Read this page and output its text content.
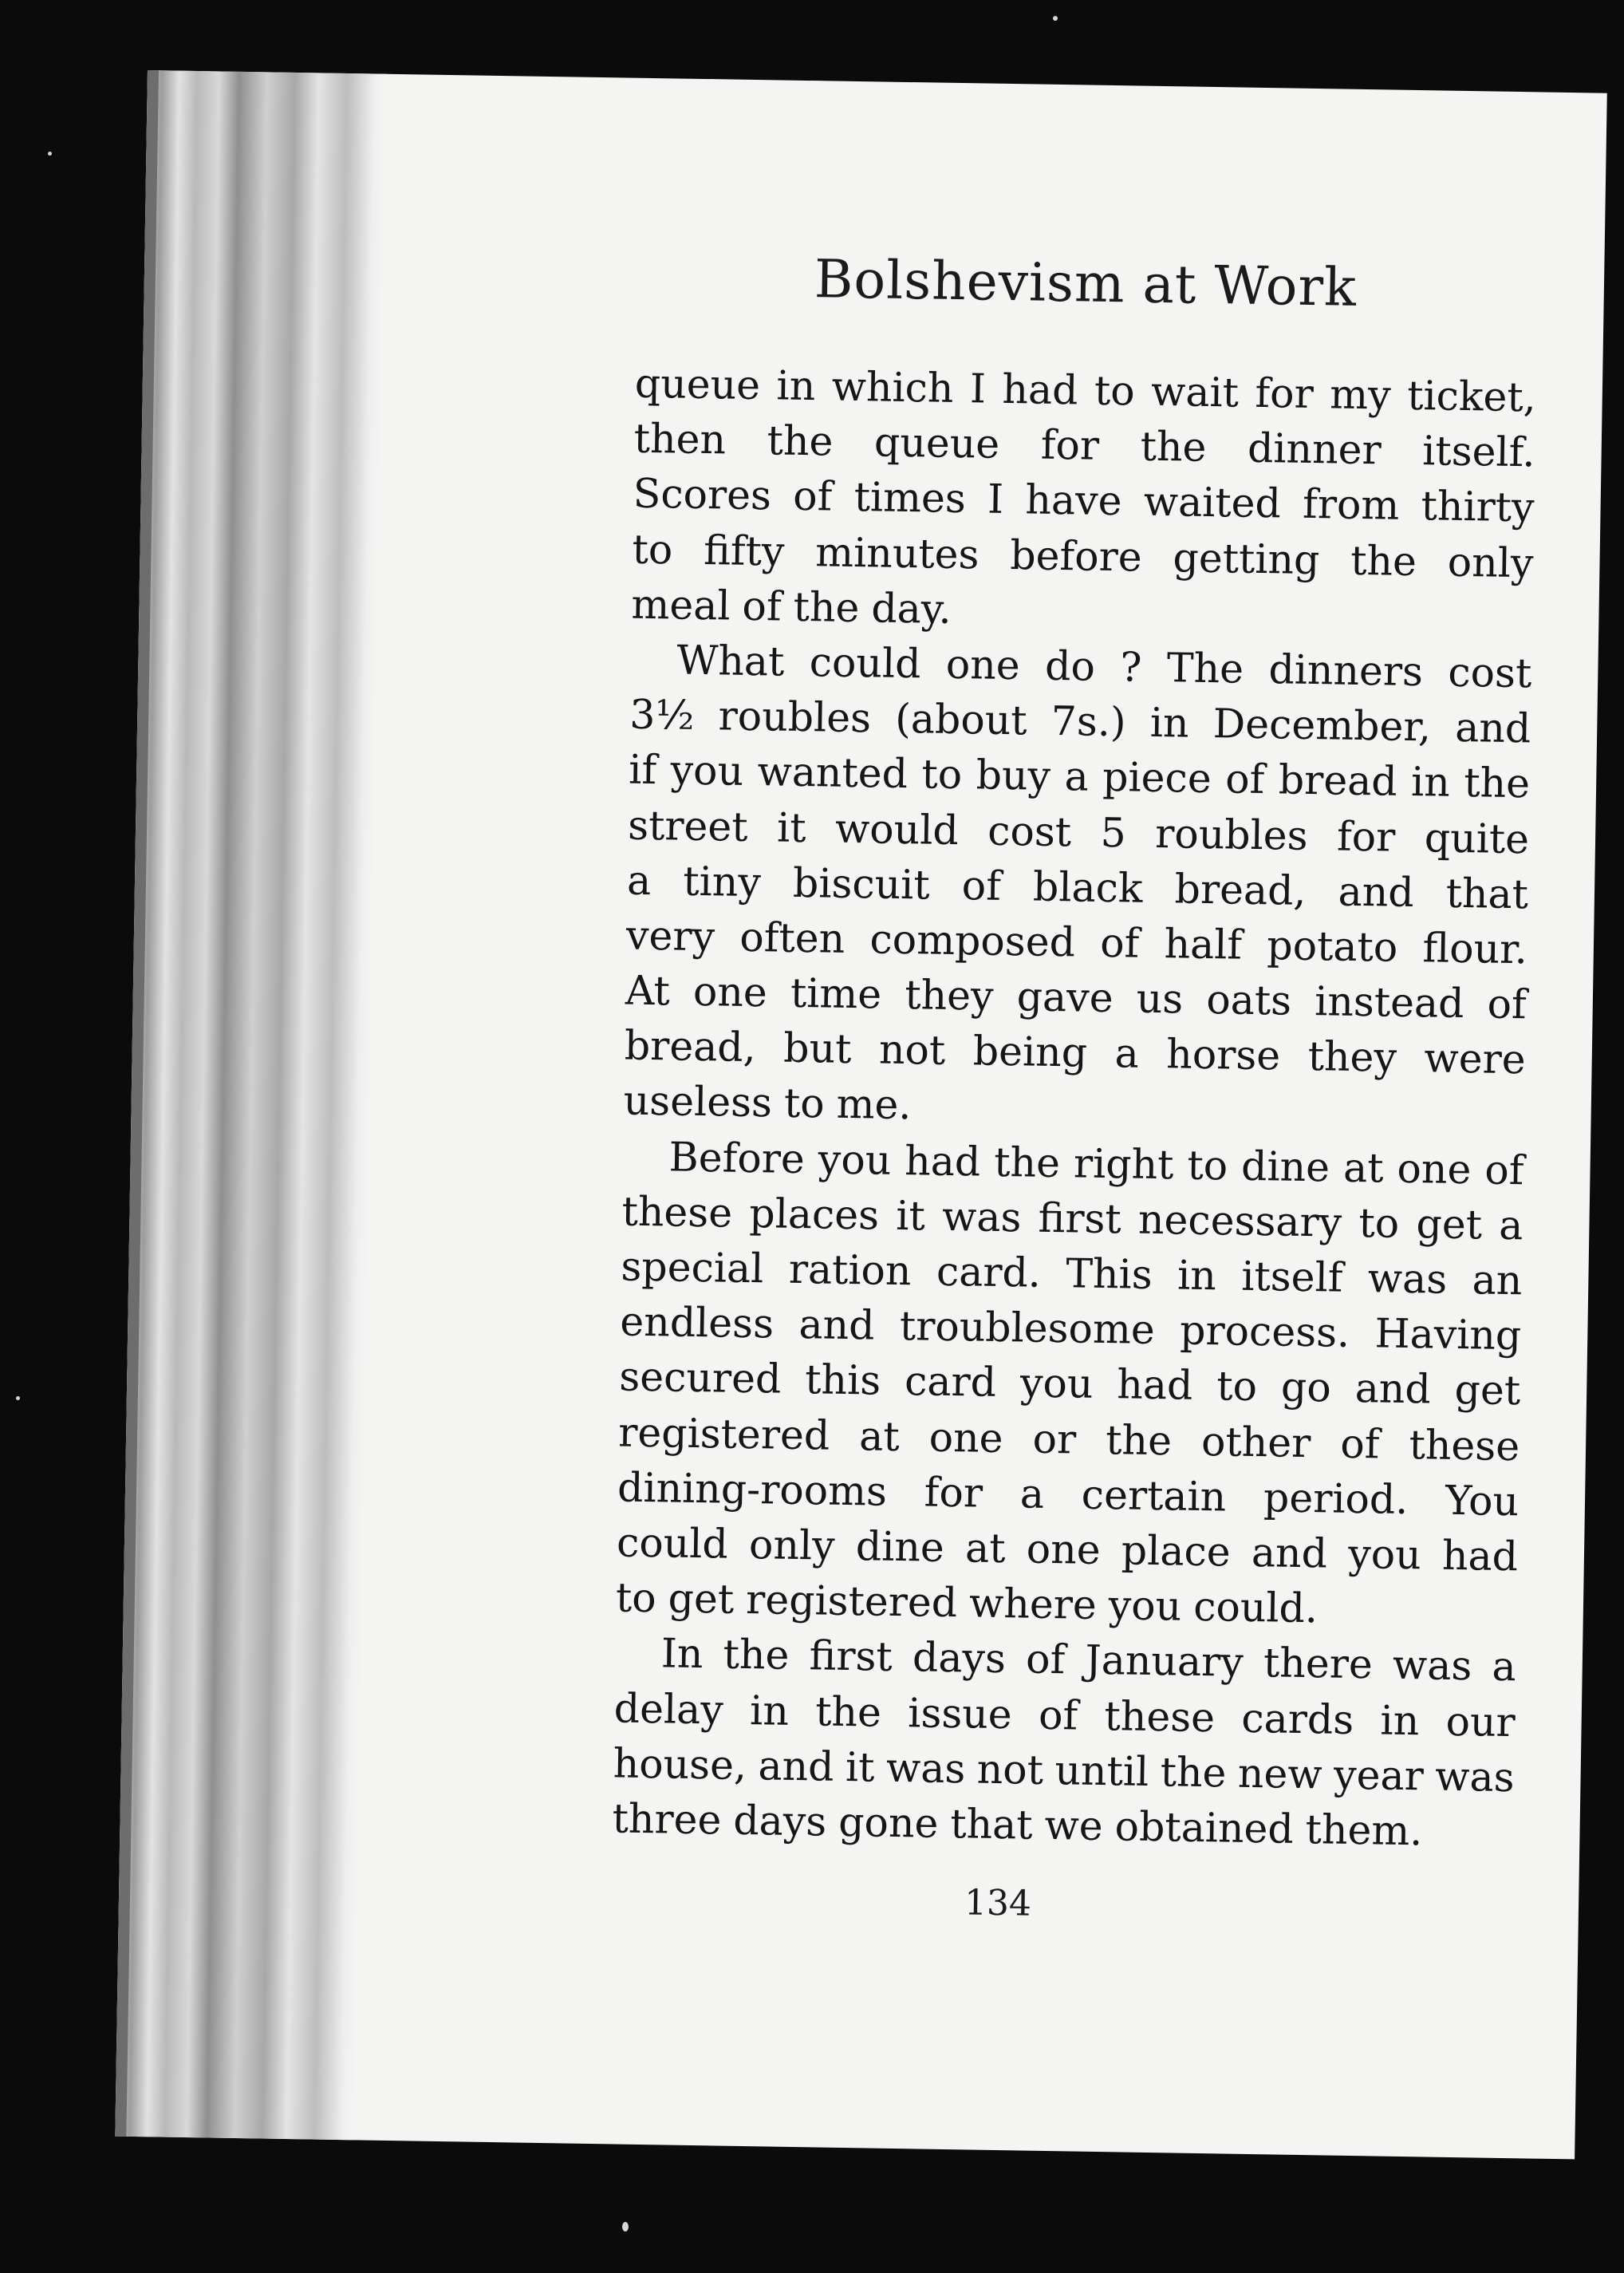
Bolshevism at Work
queue in which I had to wait for my ticket,
then the queue for the dinner itself.
Scores of times I have waited from thirty
to fifty minutes before getting the only
meal of the day.
What could one do ? The dinners cost
3½ roubles (about 7s.) in December, and
if you wanted to buy a piece of bread in the
street it would cost 5 roubles for quite
a tiny biscuit of black bread, and that
very often composed of half potato flour.
At one time they gave us oats instead of
bread, but not being a horse they were
useless to me.
Before you had the right to dine at one of
these places it was first necessary to get a
special ration card. This in itself was an
endless and troublesome process. Having
secured this card you had to go and get
registered at one or the other of these
dining-rooms for a certain period. You
could only dine at one place and you had
to get registered where you could.
In the first days of January there was a
delay in the issue of these cards in our
house, and it was not until the new year was
three days gone that we obtained them.
134
